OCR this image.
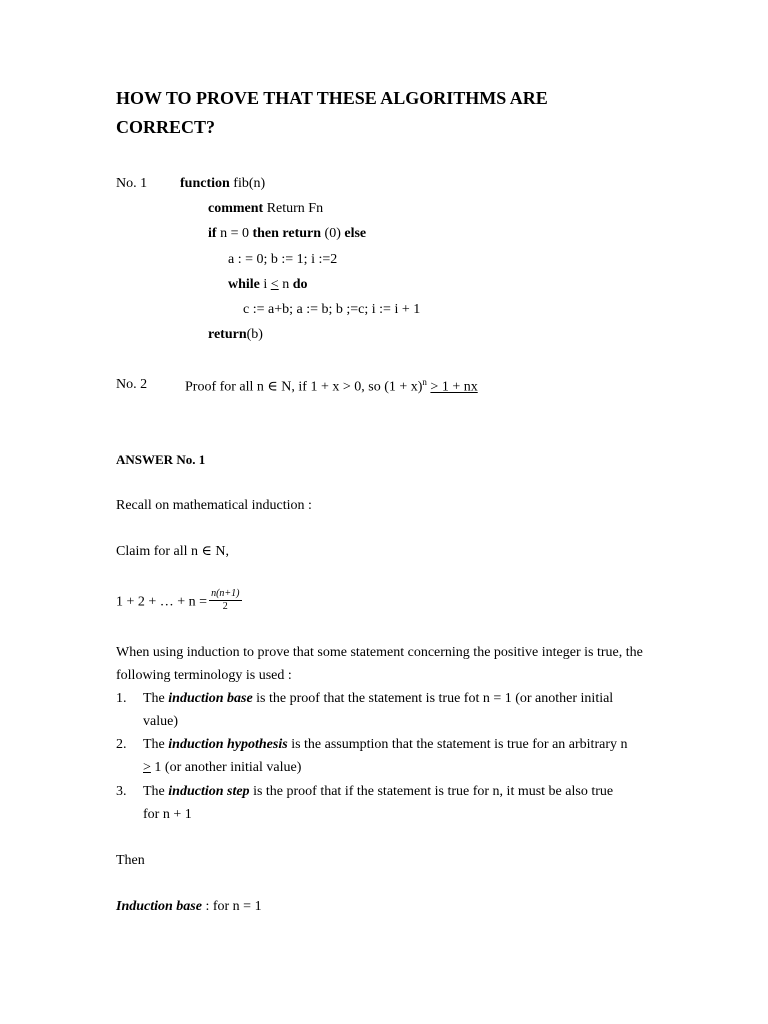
HOW TO PROVE THAT THESE ALGORITHMS ARE
CORRECT?
No. 1 function fib(n)
comment Return Fn
if n = 0 then return (0) else
a : = 0; b := 1; i :=2
while i < n do
c := a+b; a := b; b ;=c; i := i + 1
return(b)
No. 2	Proof for all n ∈ N, if 1 + x > 0, so $(1 + x)^n > 1$ + nx
ANSWER No. 1
Recall on mathematical induction :
Claim for all n ∈ N,
1 + 2 + … + $n = \frac{n(n+1)}{2}$
When using induction to prove that some statement concerning the positive integer is true, the
following terminology is used :
1. The induction base is the proof that the statement is true fot n = 1 (or another initial
value)
2. The induction hypothesis is the assumption that the statement is true for an arbitrary n
≥ 1 (or another initial value)
3. The induction step is the proof that if the statement is true for n, it must be also true
for n + 1
Then
Induction base : for n = 1
